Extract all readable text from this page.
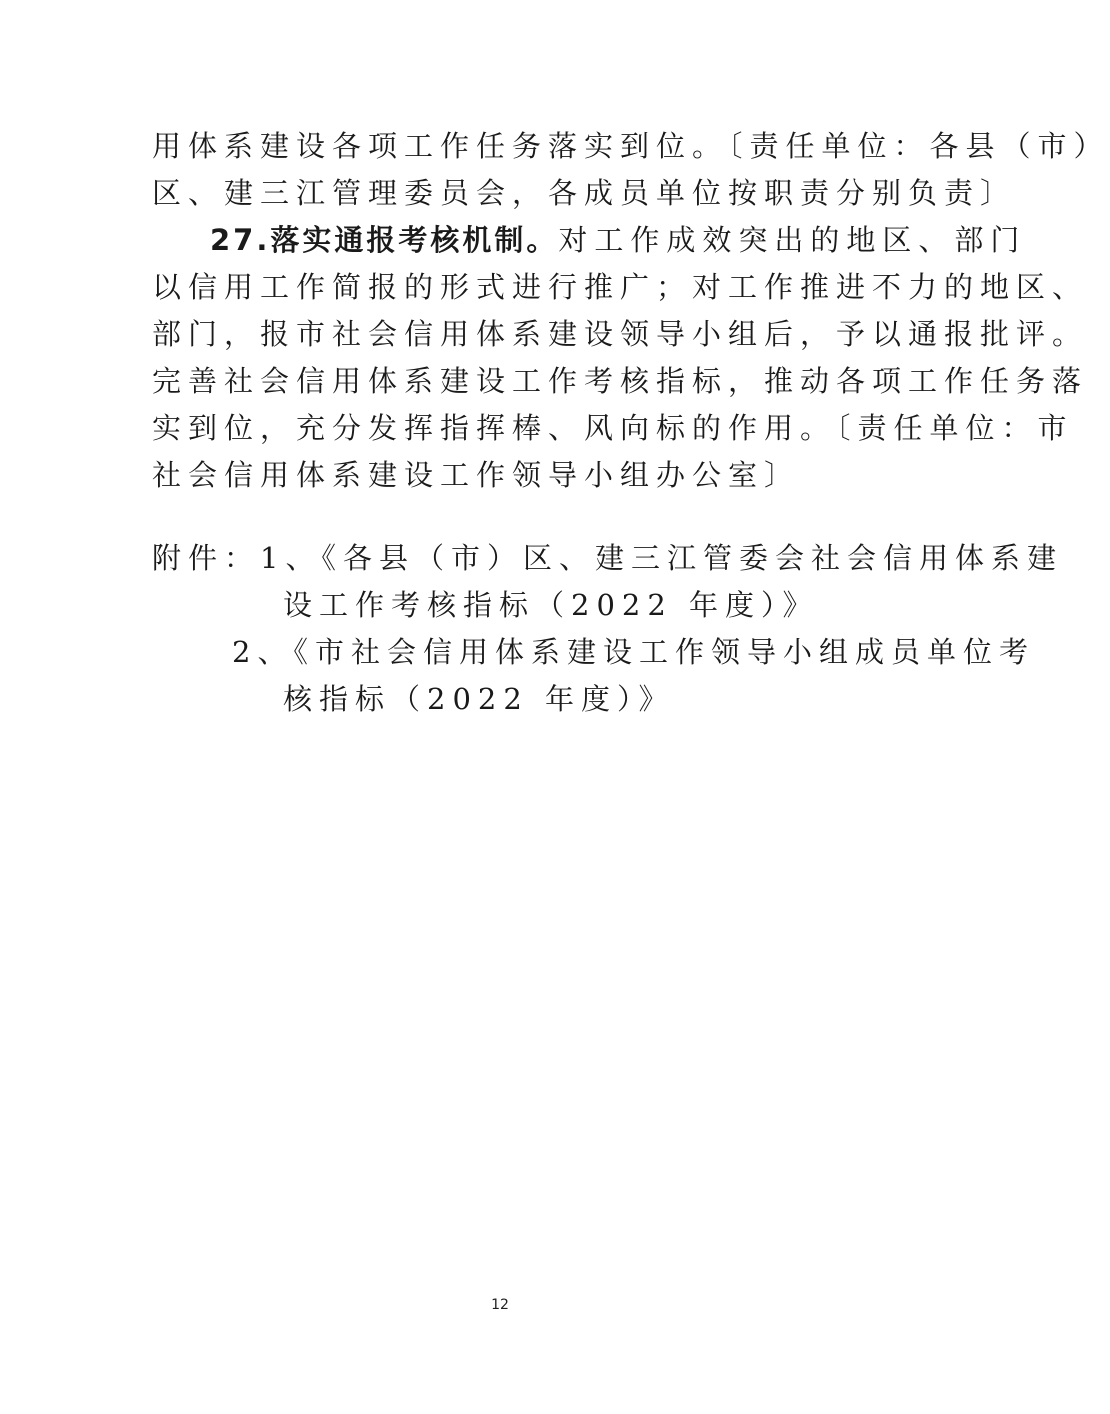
用体系建设各项工作任务落实到位。〔责任单位：各县（市）
区、建三江管理委员会，各成员单位按职责分别负责〕
27.落实通报考核机制。对工作成效突出的地区、部门
以信用工作简报的形式进行推广；对工作推进不力的地区、
部门，报市社会信用体系建设领导小组后，予以通报批评。
完善社会信用体系建设工作考核指标，推动各项工作任务落
实到位，充分发挥指挥棒、风向标的作用。〔责任单位：市
社会信用体系建设工作领导小组办公室〕
附件：1、《各县（市）区、建三江管委会社会信用体系建
设工作考核指标（2022 年度）》
2、《市社会信用体系建设工作领导小组成员单位考
核指标（2022 年度）》
12
